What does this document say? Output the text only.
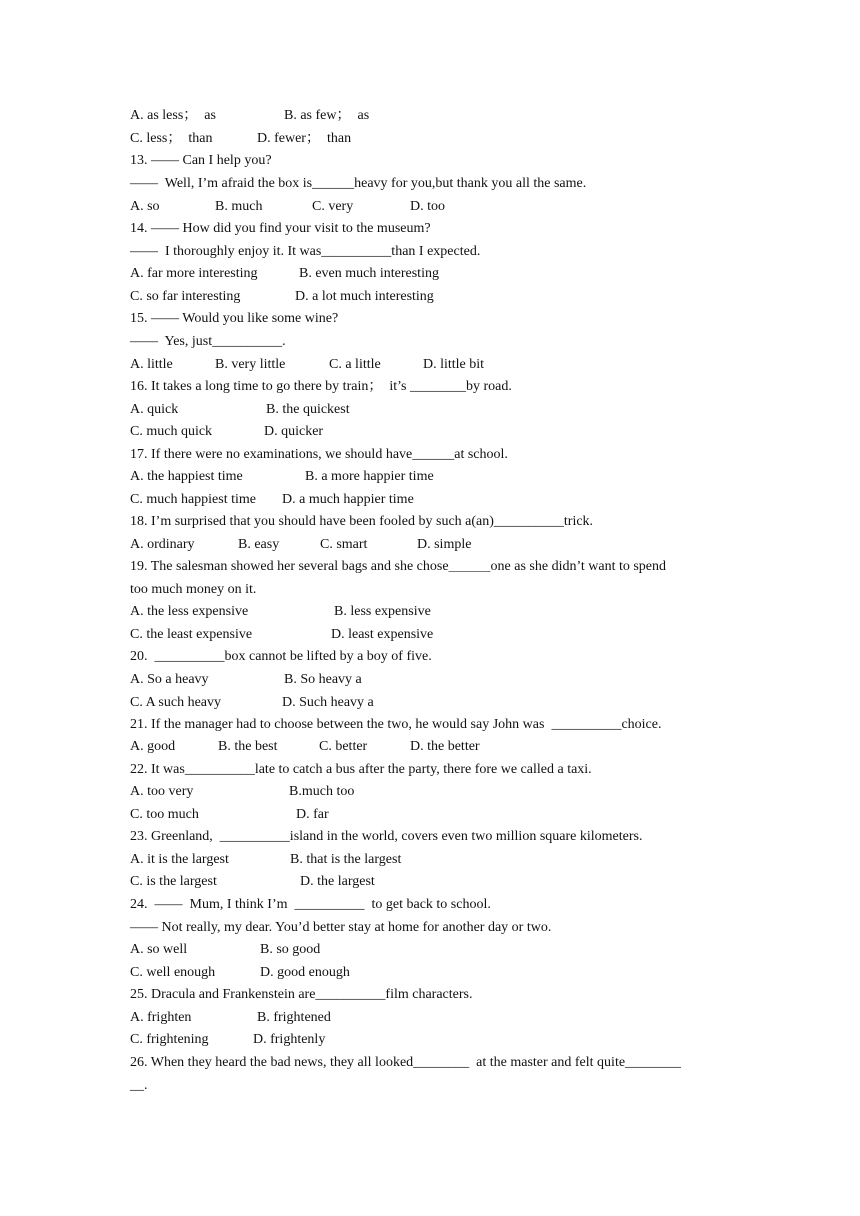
A. as less；  as	B. as few；  as
C. less；  than	D. fewer；  than
13. —— Can I help you?
——  Well, I’m afraid the box is______heavy for you,but thank you all the same.
A. so	B. much	C. very	D. too
14. —— How did you find your visit to the museum?
——  I thoroughly enjoy it. It was__________than I expected.
A. far more interesting	B. even much interesting
C. so far interesting	D. a lot much interesting
15. —— Would you like some wine?
——  Yes, just__________.
A. little	B. very little	C. a little	D. little bit
16. It takes a long time to go there by train；  it’s ________by road.
A. quick	B. the quickest
C. much quick	D. quicker
17. If there were no examinations, we should have______at school.
A. the happiest time	B. a more happier time
C. much happiest time D. a much happier time
18. I’m surprised that you should have been fooled by such a(an)__________trick.
A. ordinary	B. easy	C. smart	D. simple
19. The salesman showed her several bags and she chose＿＿＿one as she didn’t want to spend
too much money on it.
A. the less expensive	B. less expensive
C. the least expensive	D. least expensive
20.  __________box cannot be lifted by a boy of five.
A. So a heavy	B. So heavy a
C. A such heavy	D. Such heavy a
21. If the manager had to choose between the two, he would say John was  __________choice.
A. good	B. the best	C. better	D. the better
22. It was__________late to catch a bus after the party, there fore we called a taxi.
A. too very	B.much too
C. too much	D. far
23. Greenland,  __________island in the world, covers even two million square kilometers.
A. it is the largest	B. that is the largest
C. is the largest	D. the largest
24.  ——  Mum, I think I’m  __________  to get back to school.
—— Not really, my dear. You’d better stay at home for another day or two.
A. so well	B. so good
C. well enough	D. good enough
25. Dracula and Frankenstein are__________film characters.
A. frighten	B. frightened
C. frightening	D. frightenly
26. When they heard the bad news, they all looked________  at the master and felt quite________
__.
